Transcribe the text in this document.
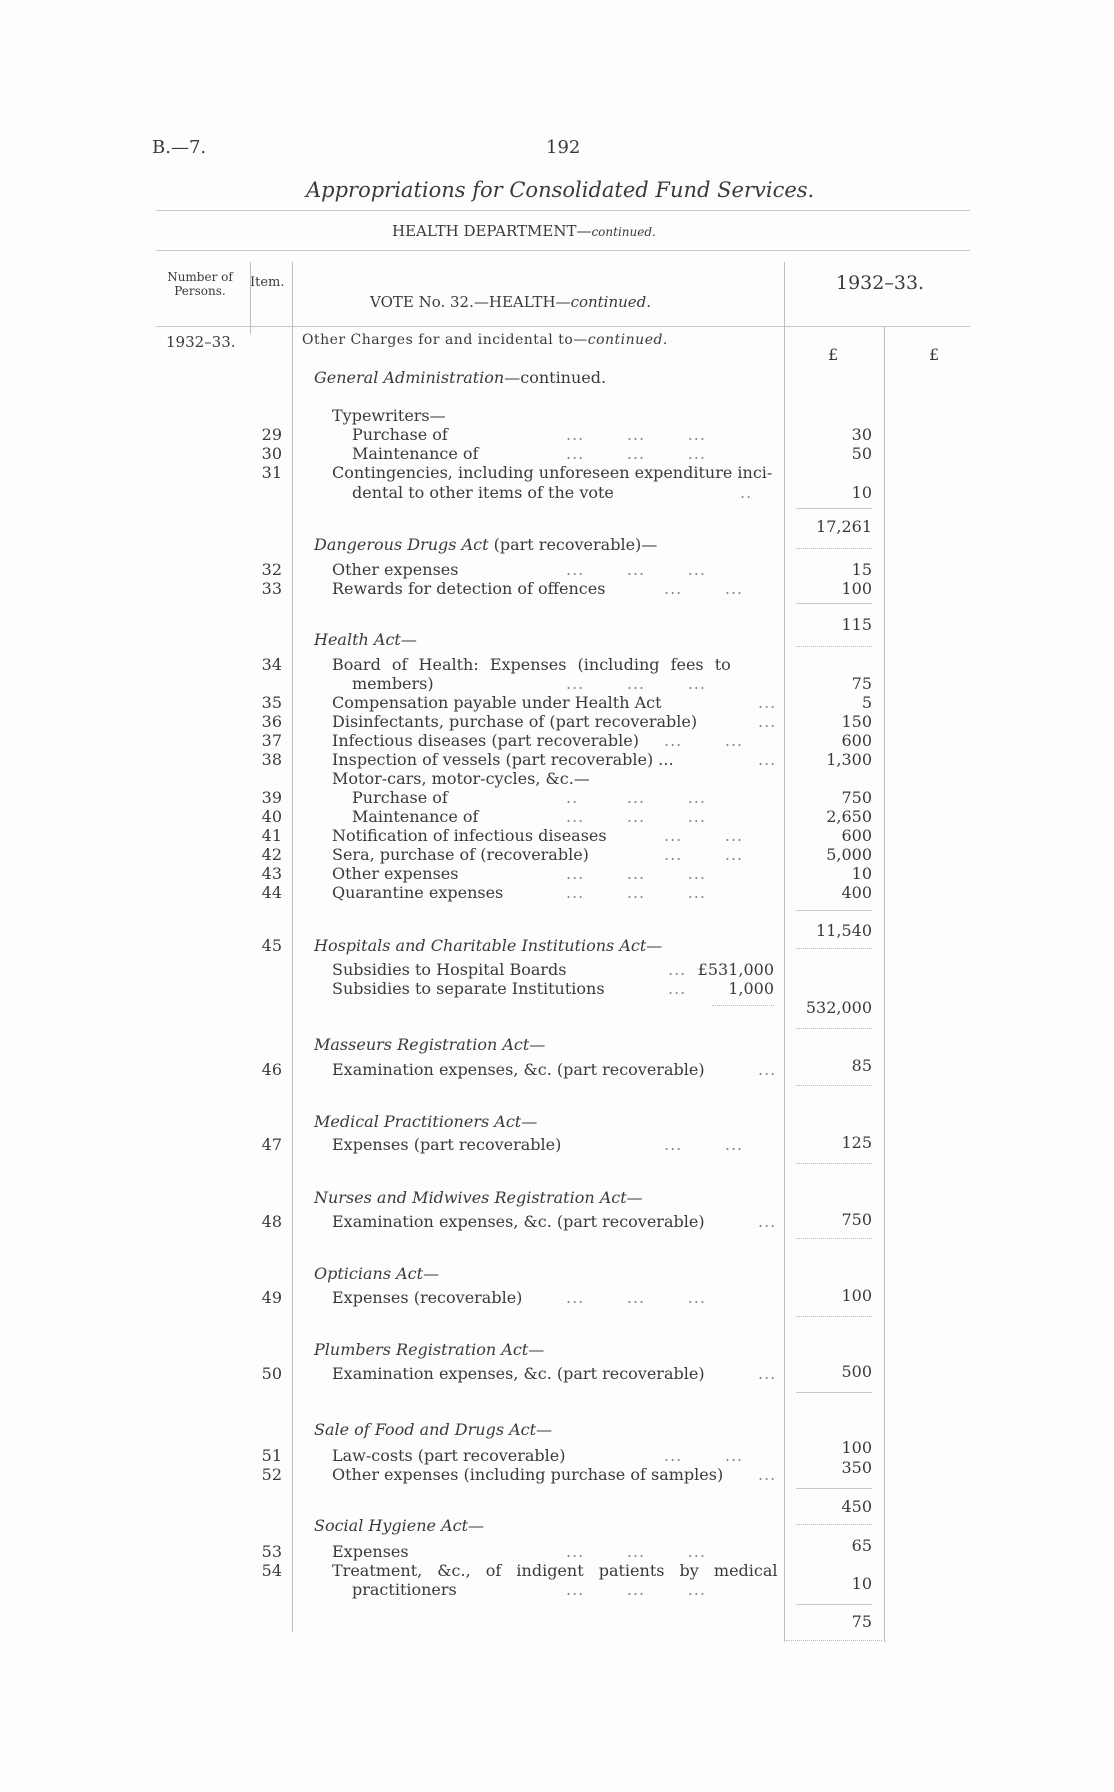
B.—7.	192
Appropriations for Consolidated Fund Services.
HEALTH DEPARTMENT—continued.
Number of Persons.
Item.
VOTE No. 32.—HEALTH—continued.
1932–33.
1932–33.
£	£
Other Charges for and incidental to—continued.
General Administration—continued.
Typewriters—
29	Purchase of	...       ...       ...	30
30	Maintenance of	...       ...       ...	50
31	Contingencies, including unforeseen expenditure inci-
dental to other items of the vote	..	10
17,261
Dangerous Drugs Act (part recoverable)—
32	Other expenses	...       ...       ...	15
33	Rewards for detection of offences	...       ...	100
115
Health Act—
34	Board of Health: Expenses (including fees to
members)	...       ...       ...	75
35	Compensation payable under Health Act	...	5
36	Disinfectants, purchase of (part recoverable)	...	150
37	Infectious diseases (part recoverable) ...       ...	600
38	Inspection of vessels (part recoverable) ...	...	1,300
Motor-cars, motor-cycles, &c.—
39	Purchase of	..        ...       ...	750
40	Maintenance of	...       ...       ...	2,650
41	Notification of infectious diseases	...       ...	600
42	Sera, purchase of (recoverable)	...       ...	5,000
43	Other expenses	...       ...       ...	10
44	Quarantine expenses	...       ...       ...	400
11,540
45 Hospitals and Charitable Institutions Act—
Subsidies to Hospital Boards	... £531,000
Subsidies to separate Institutions	...	1,000
532,000
Masseurs Registration Act—
46	Examination expenses, &c. (part recoverable)	...	85
Medical Practitioners Act—
47	Expenses (part recoverable)	...       ...	125
Nurses and Midwives Registration Act—
48	Examination expenses, &c. (part recoverable)	...	750
Opticians Act—
49	Expenses (recoverable)	...       ...       ...	100
Plumbers Registration Act—
50	Examination expenses, &c. (part recoverable)	...	500
Sale of Food and Drugs Act—
51	Law-costs (part recoverable)	...       ...	100
52	Other expenses (including purchase of samples) ...	350
450
Social Hygiene Act—
53	Expenses	...       ...       ...	65
54	Treatment, &c., of indigent patients by medical
practitioners	...       ...       ...	10
75
